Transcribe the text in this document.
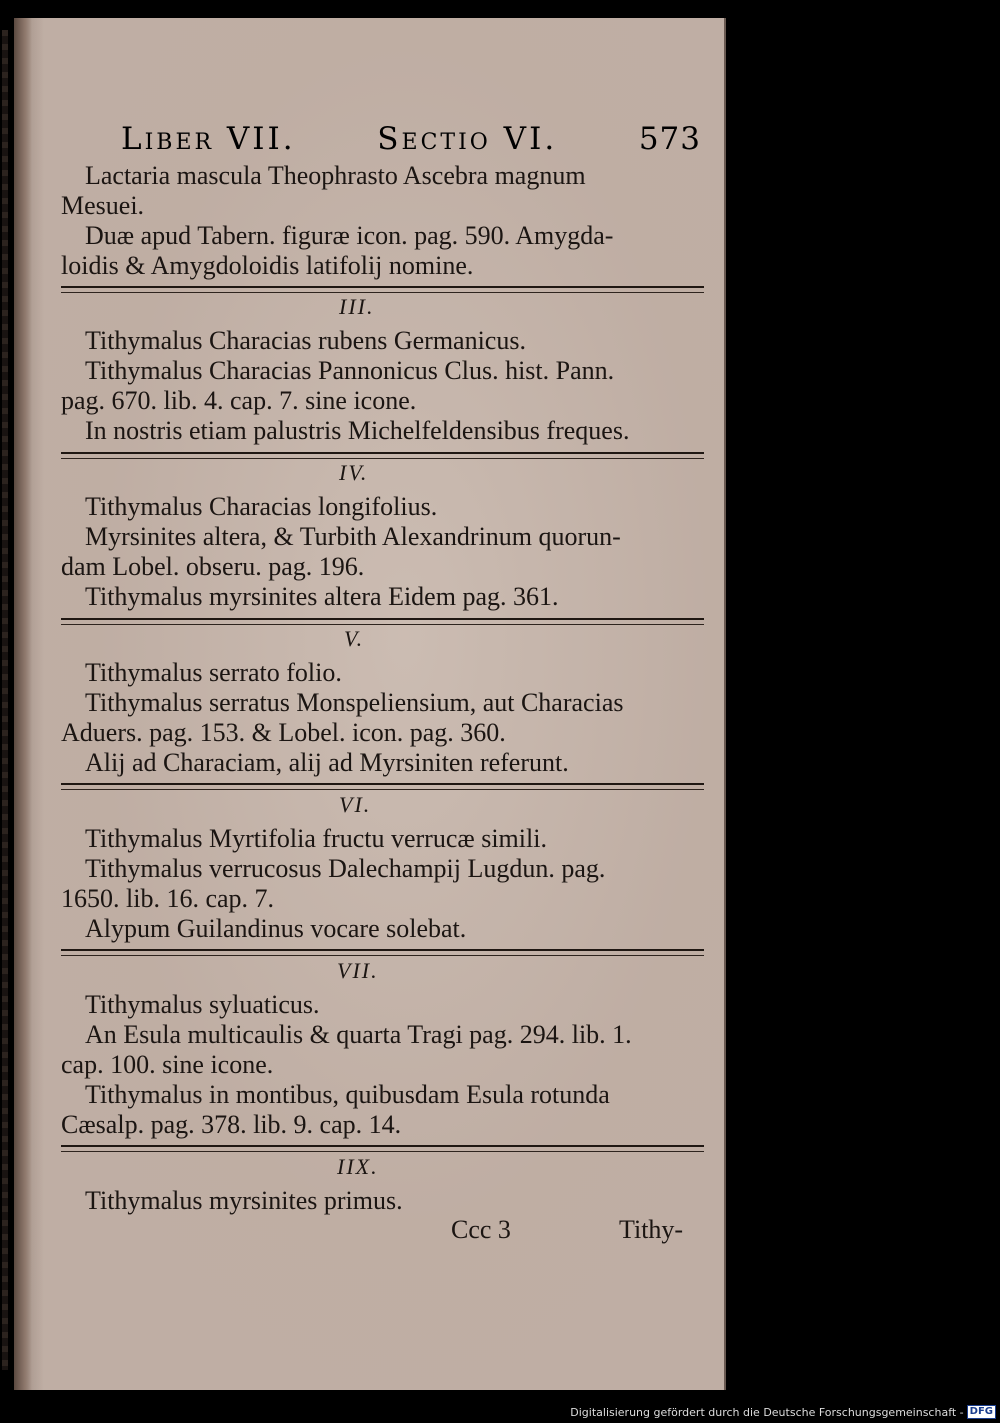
Liber VII.	Sectio VI.	573
Lactaria mascula Theophrasto Ascebra magnum
Mesuei.
Duæ apud Tabern. figuræ icon. pag. 590. Amygda-
loidis & Amygdoloidis latifolij nomine.
III.
Tithymalus Characias rubens Germanicus.
Tithymalus Characias Pannonicus Clus. hist. Pann.
pag. 670. lib. 4. cap. 7. sine icone.
In nostris etiam palustris Michelfeldensibus freques.
IV.
Tithymalus Characias longifolius.
Myrsinites altera, & Turbith Alexandrinum quorun-
dam Lobel. obseru. pag. 196.
Tithymalus myrsinites altera Eidem pag. 361.
V.
Tithymalus serrato folio.
Tithymalus serratus Monspeliensium, aut Characias
Aduers. pag. 153. & Lobel. icon. pag. 360.
Alij ad Characiam, alij ad Myrsiniten referunt.
VI.
Tithymalus Myrtifolia fructu verrucæ simili.
Tithymalus verrucosus Dalechampij Lugdun. pag.
1650. lib. 16. cap. 7.
Alypum Guilandinus vocare solebat.
VII.
Tithymalus syluaticus.
An Esula multicaulis & quarta Tragi pag. 294. lib. 1.
cap. 100. sine icone.
Tithymalus in montibus, quibusdam Esula rotunda
Cæsalp. pag. 378. lib. 9. cap. 14.
IIX.
Tithymalus myrsinites primus.
Ccc 3	Tithy-
Digitalisierung gefördert durch die Deutsche Forschungsgemeinschaft - DFG
